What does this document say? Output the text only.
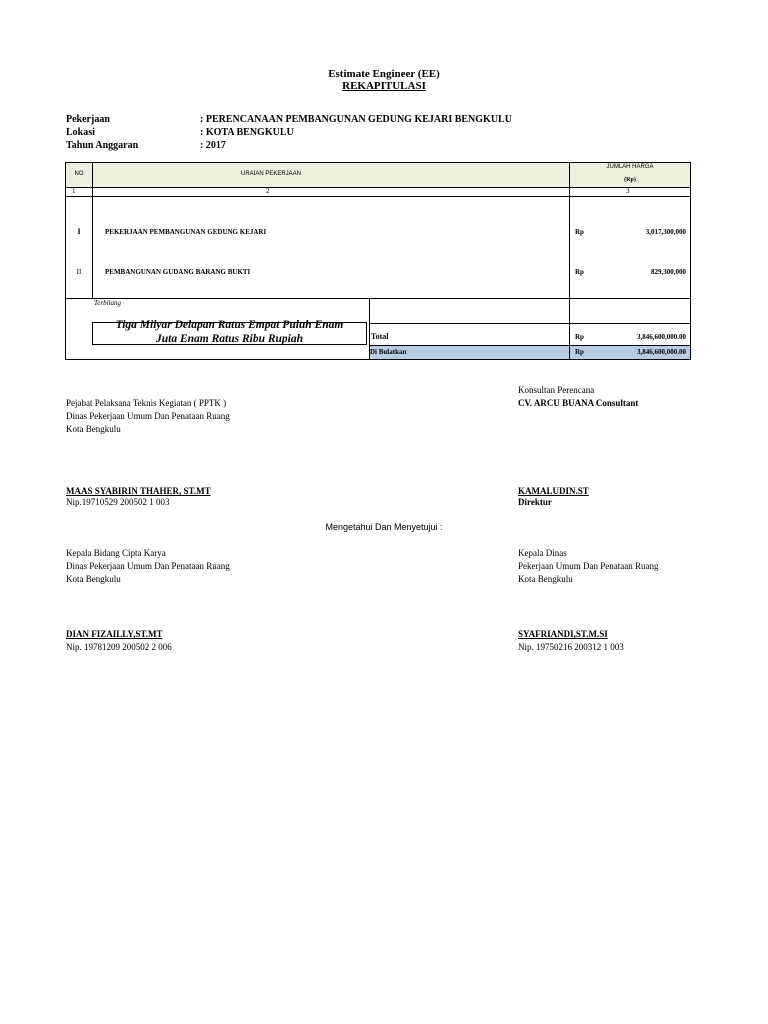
Estimate Engineer (EE)
REKAPITULASI
Pekerjaan	: PERENCANAAN PEMBANGUNAN GEDUNG KEJARI BENGKULU
Lokasi	: KOTA BENGKULU
Tahun Anggaran	: 2017
NO	URAIAN PEKERJAAN
JUMLAH HARGA
(Rp)
1	2	3
I	PEKERJAAN PEMBANGUNAN GEDUNG KEJARI	Rp	3,017,300,000
II	PEMBANGUNAN GUDANG BARANG BUKTI	Rp	829,300,000
Terbilang
Tiga Milyar Delapan Ratus Empat Puluh Enam
Juta Enam Ratus Ribu Rupiah	Total	Rp	3,846,600,000.00
Di Bulatkan	Rp	3,846,600,000.00
Pejabat Pelaksana Teknis Kegiatan ( PPTK )
Dinas Pekerjaan Umum Dan Penataan Ruang
Kota Bengkulu
MAAS SYABIRIN THAHER, ST.MT
Nip.19710529 200502 1 003
Konsultan Perencana
CV. ARCU BUANA Consultant
KAMALUDIN.ST
Direktur
Mengetahui Dan Menyetujui :
Kepala Bidang Cipta Karya
Dinas Pekerjaan Umum Dan Penataan Ruang
Kota Bengkulu
DIAN FIZAILLY,ST.MT
Nip. 19781209 200502 2 006
Kepala Dinas
Pekerjaan Umum Dan Penataan Ruang
Kota Bengkulu
SYAFRIANDI,ST.M.SI
Nip. 19750216 200312 1 003
